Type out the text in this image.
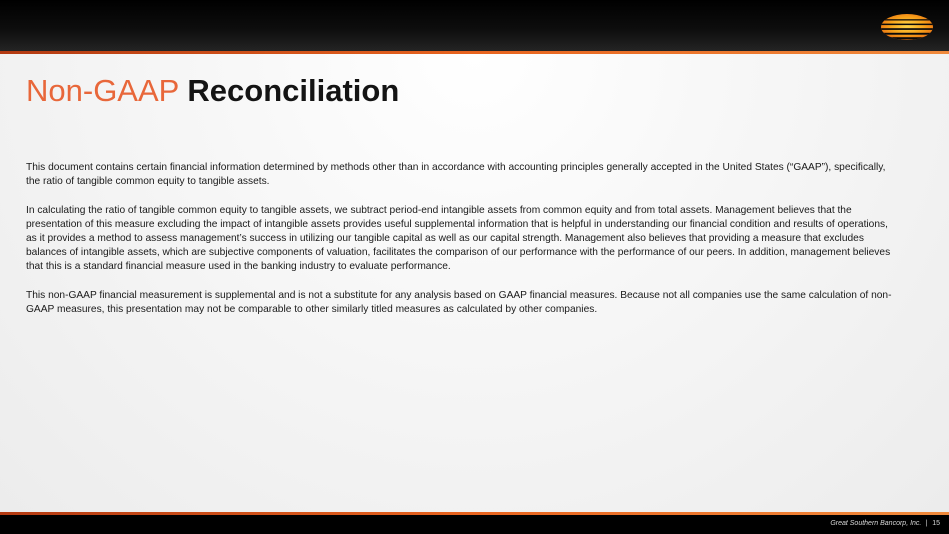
Non-GAAP Reconciliation

This document contains certain financial information determined by methods other than in accordance with accounting principles generally accepted in the United States (“GAAP”), specifically, the ratio of tangible common equity to tangible assets.

In calculating the ratio of tangible common equity to tangible assets, we subtract period-end intangible assets from common equity and from total assets. Management believes that the presentation of this measure excluding the impact of intangible assets provides useful supplemental information that is helpful in understanding our financial condition and results of operations, as it provides a method to assess management’s success in utilizing our tangible capital as well as our capital strength. Management also believes that providing a measure that excludes balances of intangible assets, which are subjective components of valuation, facilitates the comparison of our performance with the performance of our peers. In addition, management believes that this is a standard financial measure used in the banking industry to evaluate performance.

This non-GAAP financial measurement is supplemental and is not a substitute for any analysis based on GAAP financial measures. Because not all companies use the same calculation of non-GAAP measures, this presentation may not be comparable to other similarly titled measures as calculated by other companies.

Great Southern Bancorp, Inc. | 15
